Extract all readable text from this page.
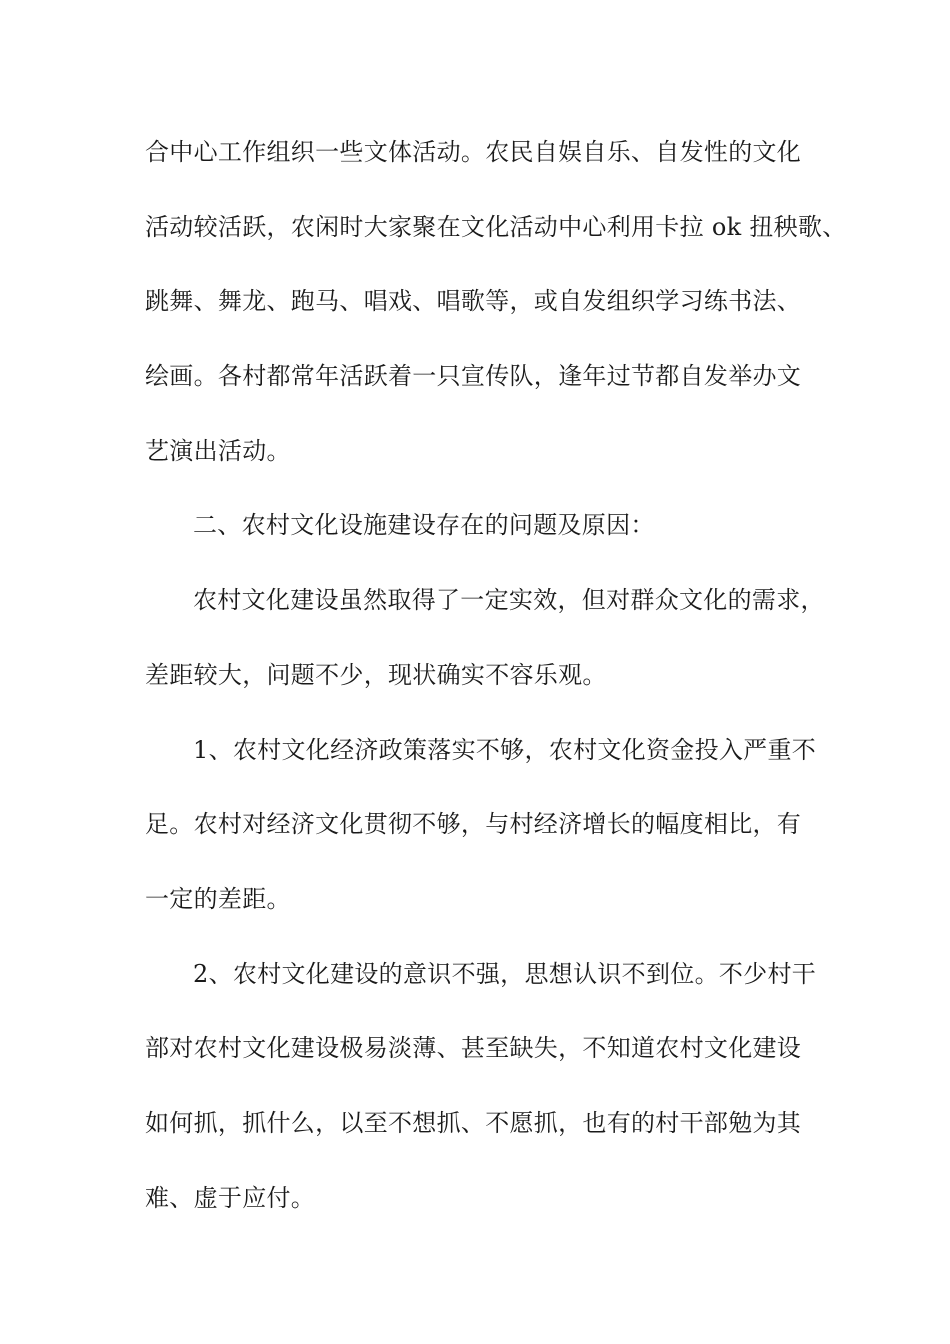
合中心工作组织一些文体活动。农民自娱自乐、自发性的文化
活动较活跃，农闲时大家聚在文化活动中心利用卡拉 ok 扭秧歌、
跳舞、舞龙、跑马、唱戏、唱歌等，或自发组织学习练书法、
绘画。各村都常年活跃着一只宣传队，逢年过节都自发举办文
艺演出活动。
二、农村文化设施建设存在的问题及原因：
农村文化建设虽然取得了一定实效，但对群众文化的需求，
差距较大，问题不少，现状确实不容乐观。
1、农村文化经济政策落实不够，农村文化资金投入严重不
足。农村对经济文化贯彻不够，与村经济增长的幅度相比，有
一定的差距。
2、农村文化建设的意识不强，思想认识不到位。不少村干
部对农村文化建设极易淡薄、甚至缺失，不知道农村文化建设
如何抓，抓什么，以至不想抓、不愿抓，也有的村干部勉为其
难、虚于应付。
